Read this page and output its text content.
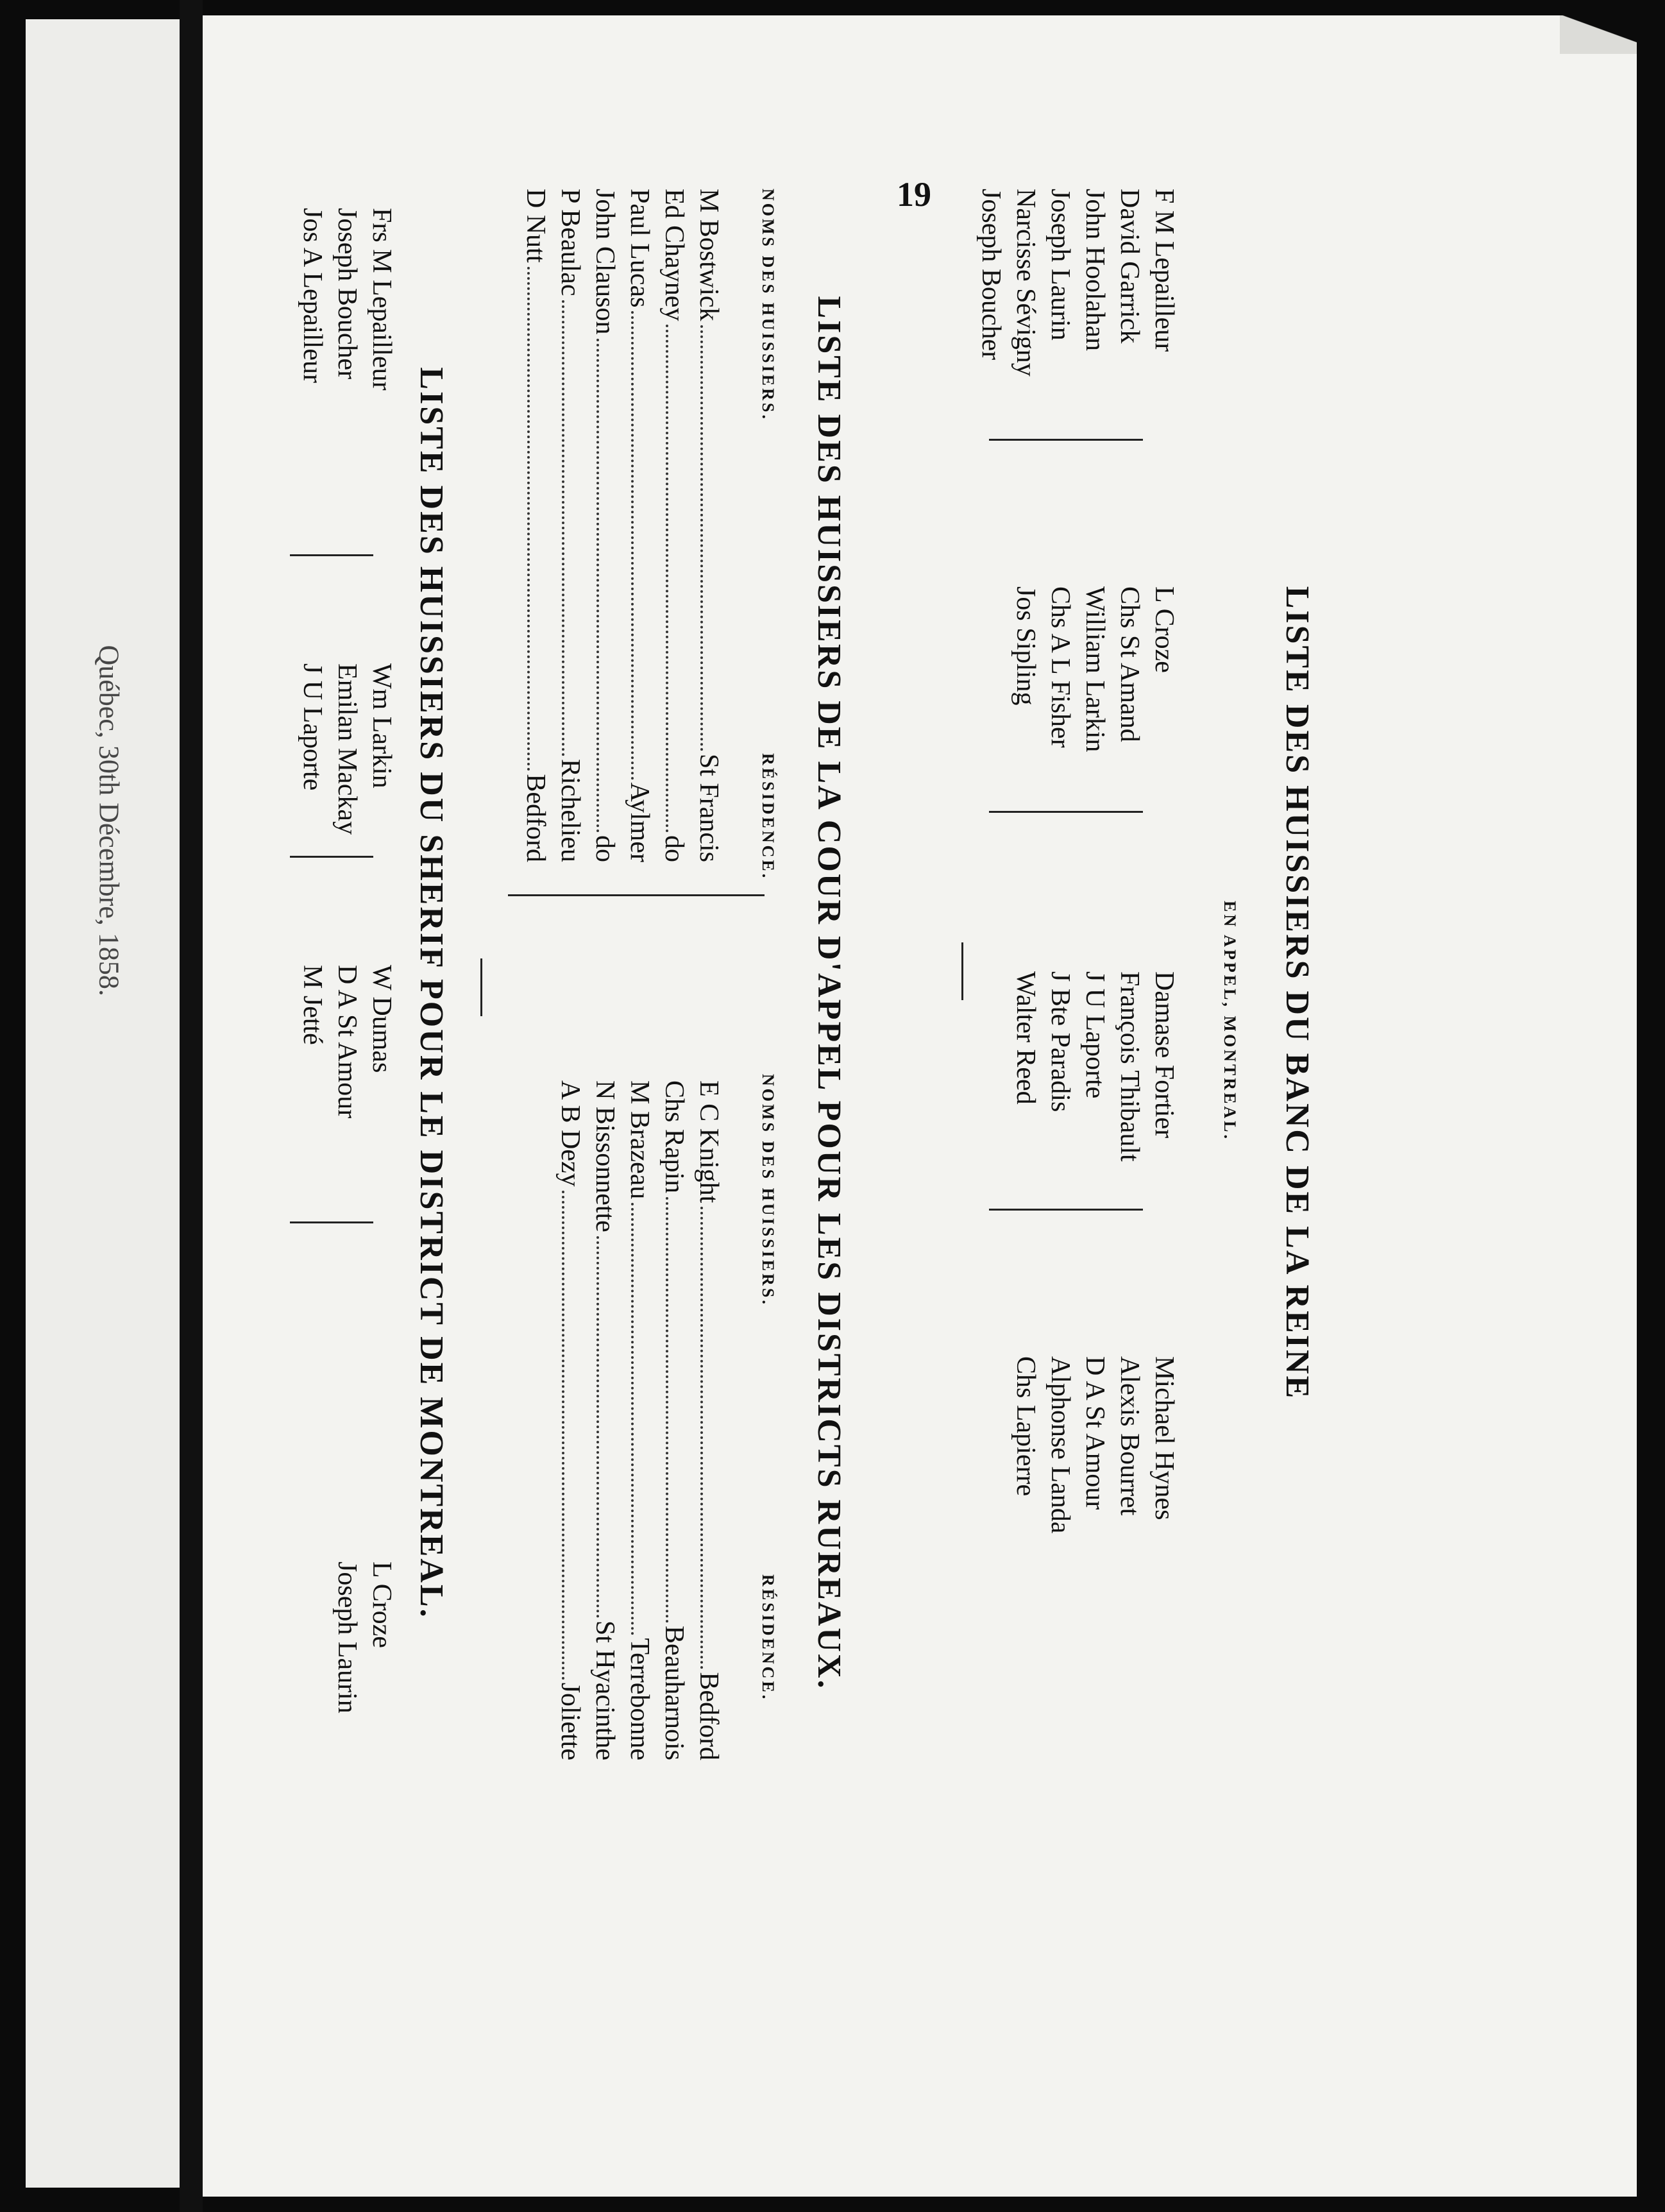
Québec, 30th Décembre, 1858.
19
LISTE DES HUISSIERS DU BANC DE LA REINE
EN APPEL, MONTREAL.
F M Lepailleur
David Garrick
John Hoolahan
Joseph Laurin
Narcisse Sévigny
Joseph Boucher
L Croze
Chs St Amand
William Larkin
Chs A L Fisher
Jos Sipling
Damase Fortier
François Thibault
J U Laporte
J Bte Paradis
Walter Reed
Michael Hynes
Alexis Bourret
D A St Amour
Alphonse Landa
Chs Lapierre
LISTE DES HUISSIERS DE LA COUR D'APPEL POUR LES DISTRICTS RUREAUX.
NOMS DES HUISSIERS.
RÉSIDENCE.
NOMS DES HUISSIERS.
RÉSIDENCE.
M Bostwick
St Francis
Ed Chayney
do
Paul Lucas
Aylmer
John Clauson
do
P Beaulac
Richelieu
D Nutt
Bedford
E C Knight
Bedford
Chs Rapin
Beauharnois
M Brazeau
Terrebonne
N Bissonnette
St Hyacinthe
A B Dezy
Joliette
LISTE DES HUISSIERS DU SHERIF POUR LE DISTRICT DE MONTREAL.
Frs M Lepailleur
Joseph Boucher
Jos A Lepailleur
Wm Larkin
Emilan Mackay
J U Laporte
W Dumas
D A St Amour
M Jetté
L Croze
Joseph Laurin
